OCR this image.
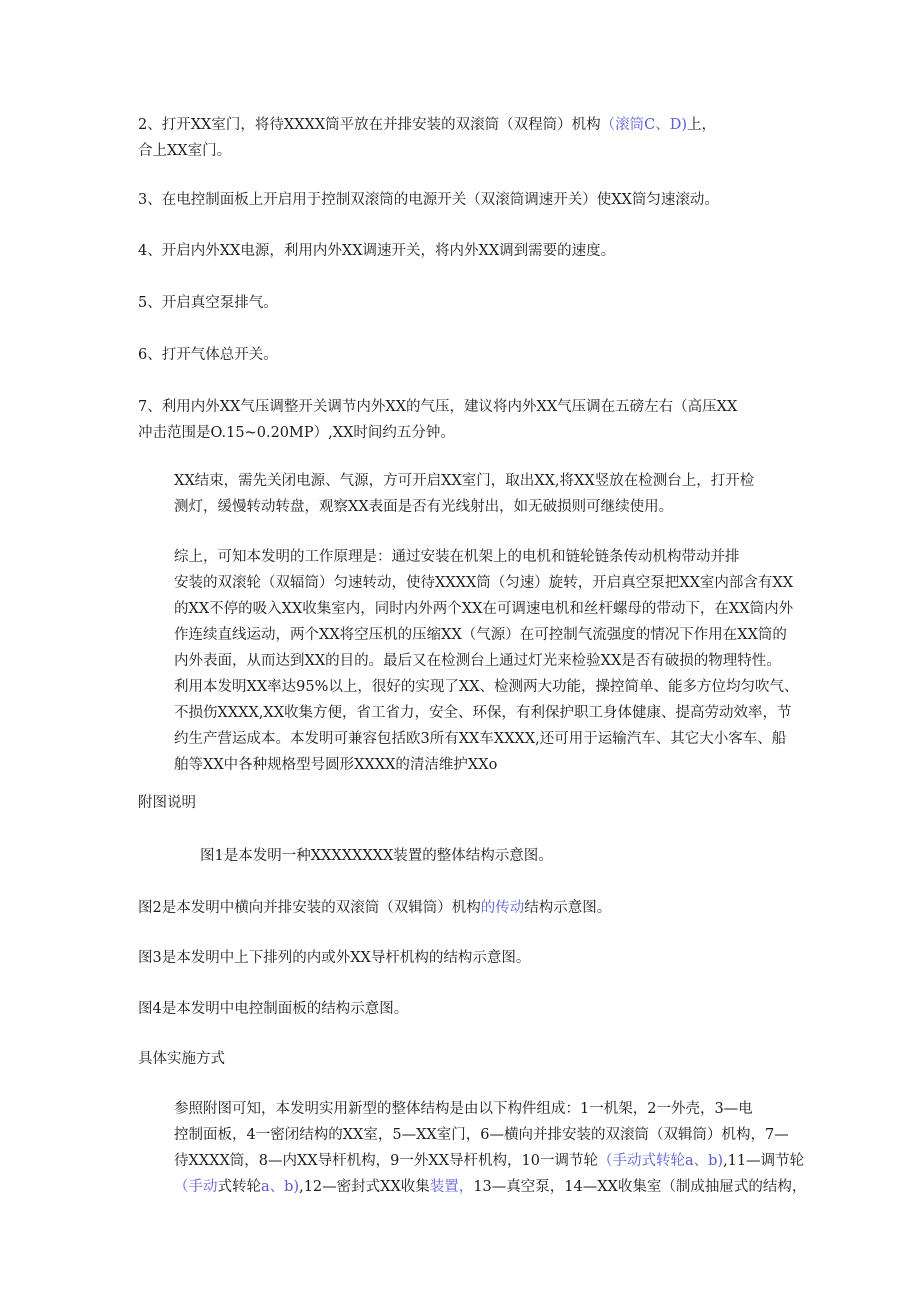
2、打开XX室门，将待XXXX筒平放在并排安装的双滚筒（双程筒）机构（滚筒C、D)上，
合上XX室门。
3、在电控制面板上开启用于控制双滚筒的电源开关（双滚筒调速开关）使XX筒匀速滚动。
4、开启内外XX电源，利用内外XX调速开关，将内外XX调到需要的速度。
5、开启真空泵排气。
6、打开气体总开关。
7、利用内外XX气压调整开关调节内外XX的气压，建议将内外XX气压调在五磅左右（高压XX
冲击范围是O.15~0.20MP）,XX时间约五分钟。
XX结束，需先关闭电源、气源，方可开启XX室门，取出XX,将XX竖放在检测台上，打开检
测灯，缓慢转动转盘，观察XX表面是否有光线射出，如无破损则可继续使用。
综上，可知本发明的工作原理是：通过安装在机架上的电机和链轮链条传动机构带动并排
安装的双滚轮（双辐筒）匀速转动，使待XXXX筒（匀速）旋转，开启真空泵把XX室内部含有XX
的XX不停的吸入XX收集室内，同时内外两个XX在可调速电机和丝杆螺母的带动下，在XX筒内外
作连续直线运动，两个XX将空压机的压缩XX（气源）在可控制气流强度的情况下作用在XX筒的
内外表面，从而达到XX的目的。最后又在检测台上通过灯光来检验XX是否有破损的物理特性。
利用本发明XX率达95%以上，很好的实现了XX、检测两大功能，操控简单、能多方位均匀吹气、
不损伤XXXX,XX收集方便，省工省力，安全、环保，有利保护职工身体健康、提高劳动效率，节
约生产营运成本。本发明可兼容包括欧3所有XX车XXXX,还可用于运输汽车、其它大小客车、船
舶等XX中各种规格型号圆形XXXX的清洁维护XXo
附图说明
图1是本发明一种XXXXXXXX装置的整体结构示意图。
图2是本发明中横向并排安装的双滚筒（双辑筒）机构的传动结构示意图。
图3是本发明中上下排列的内或外XX导杆机构的结构示意图。
图4是本发明中电控制面板的结构示意图。
具体实施方式
参照附图可知，本发明实用新型的整体结构是由以下构件组成：1一机架，2一外壳，3—电
控制面板，4一密闭结构的XX室，5—XX室门，6—横向并排安装的双滚筒（双辑筒）机构，7—
待XXXX筒，8—内XX导杆机构，9一外XX导杆机构，10一调节轮（手动式转轮a、b),11—调节轮
（手动式转轮a、b),12—密封式XX收集装置，13—真空泵，14—XX收集室（制成抽屉式的结构，
